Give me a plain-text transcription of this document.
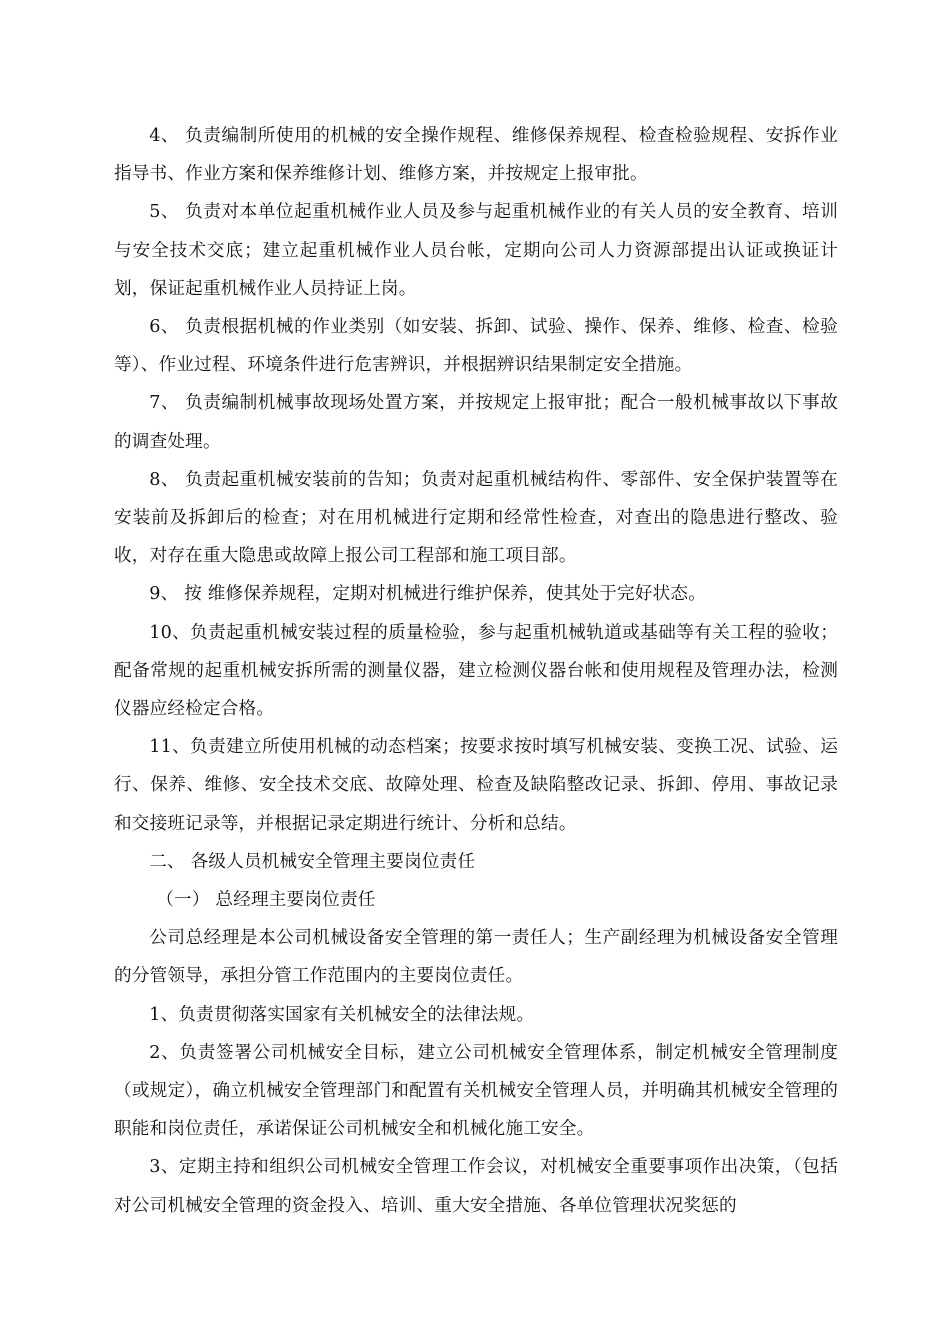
4、 负责编制所使用的机械的安全操作规程、维修保养规程、检查检验规程、安拆作业指导书、作业方案和保养维修计划、维修方案，并按规定上报审批。

5、 负责对本单位起重机械作业人员及参与起重机械作业的有关人员的安全教育、培训与安全技术交底；建立起重机械作业人员台帐，定期向公司人力资源部提出认证或换证计划，保证起重机械作业人员持证上岗。

6、 负责根据机械的作业类别（如安装、拆卸、试验、操作、保养、维修、检查、检验等）、作业过程、环境条件进行危害辨识，并根据辨识结果制定安全措施。

7、 负责编制机械事故现场处置方案，并按规定上报审批；配合一般机械事故以下事故的调查处理。

8、 负责起重机械安装前的告知；负责对起重机械结构件、零部件、安全保护装置等在安装前及拆卸后的检查；对在用机械进行定期和经常性检查，对查出的隐患进行整改、验收，对存在重大隐患或故障上报公司工程部和施工项目部。

9、 按 维修保养规程，定期对机械进行维护保养，使其处于完好状态。

10、负责起重机械安装过程的质量检验，参与起重机械轨道或基础等有关工程的验收；配备常规的起重机械安拆所需的测量仪器，建立检测仪器台帐和使用规程及管理办法，检测仪器应经检定合格。

11、负责建立所使用机械的动态档案；按要求按时填写机械安装、变换工况、试验、运行、保养、维修、安全技术交底、故障处理、检查及缺陷整改记录、拆卸、停用、事故记录和交接班记录等，并根据记录定期进行统计、分析和总结。

二、 各级人员机械安全管理主要岗位责任

（一） 总经理主要岗位责任

公司总经理是本公司机械设备安全管理的第一责任人；生产副经理为机械设备安全管理的分管领导，承担分管工作范围内的主要岗位责任。

1、负责贯彻落实国家有关机械安全的法律法规。

2、负责签署公司机械安全目标，建立公司机械安全管理体系，制定机械安全管理制度（或规定），确立机械安全管理部门和配置有关机械安全管理人员，并明确其机械安全管理的职能和岗位责任，承诺保证公司机械安全和机械化施工安全。

3、定期主持和组织公司机械安全管理工作会议，对机械安全重要事项作出决策，（包括对公司机械安全管理的资金投入、培训、重大安全措施、各单位管理状况奖惩的
